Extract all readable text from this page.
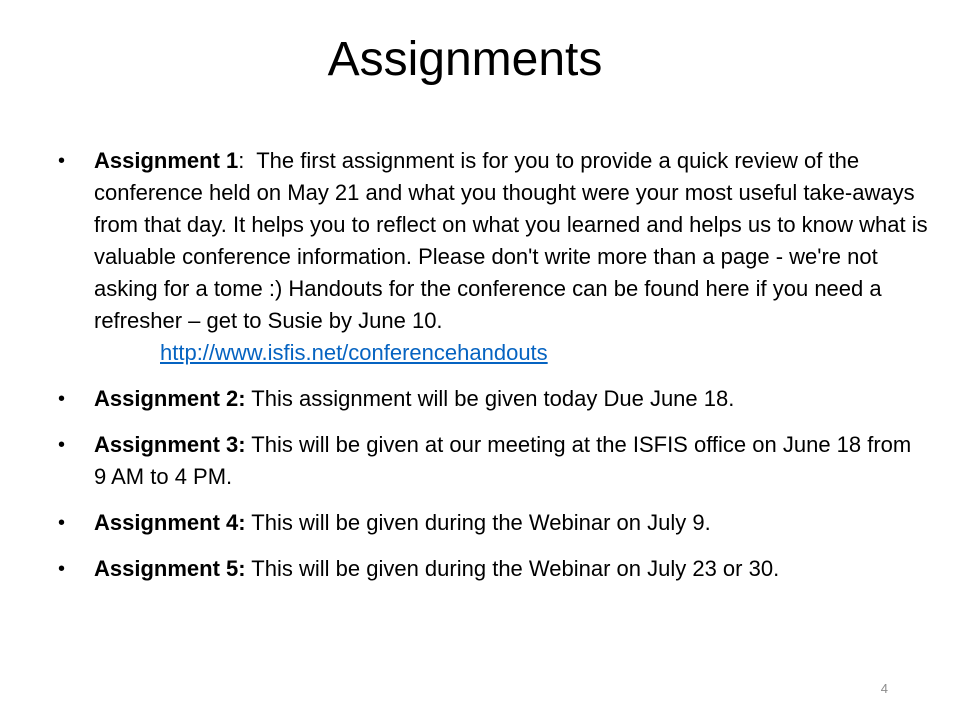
Assignments
•	Assignment 1:  The first assignment is for you to provide a quick review of the conference held on May 21 and what you thought were your most useful take-aways from that day. It helps you to reflect on what you learned and helps us to know what is valuable conference information. Please don't write more than a page - we're not asking for a tome :) Handouts for the conference can be found here if you need a refresher – get to Susie by June 10.
http://www.isfis.net/conferencehandouts
•	Assignment 2: This assignment will be given today Due June 18.
•	Assignment 3: This will be given at our meeting at the ISFIS office on June 18 from 9 AM to 4 PM.
•	Assignment 4: This will be given during the Webinar on July 9.
•	Assignment 5: This will be given during the Webinar on July 23 or 30.
4
